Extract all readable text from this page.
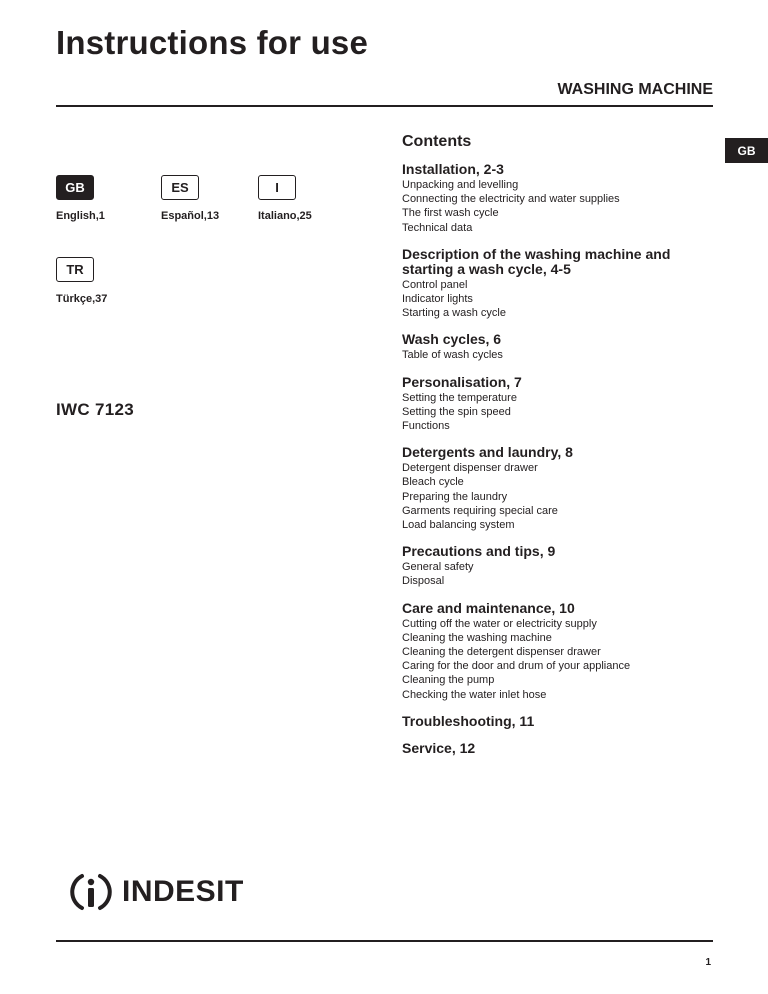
Instructions for use
WASHING MACHINE
GB
GB

English,1

ES

Español,13

I

Italiano,25

TR

Türkçe,37

IWC 7123

Contents
Installation, 2-3

Unpacking and levelling

Connecting the electricity and water supplies

The first wash cycle

Technical data

Description of the washing machine and starting a wash cycle, 4-5

Control panel

Indicator lights

Starting a wash cycle

Wash cycles, 6

Table of wash cycles

Personalisation, 7

Setting the temperature

Setting the spin speed

Functions

Detergents and laundry, 8

Detergent dispenser drawer

Bleach cycle

Preparing the laundry

Garments requiring special care

Load balancing system

Precautions and tips, 9

General safety

Disposal

Care and maintenance, 10

Cutting off the water or electricity supply

Cleaning the washing machine

Cleaning the detergent dispenser drawer

Caring for the door and drum of your appliance

Cleaning the pump

Checking the water inlet hose

Troubleshooting, 11
Service, 12
INDESIT

1
